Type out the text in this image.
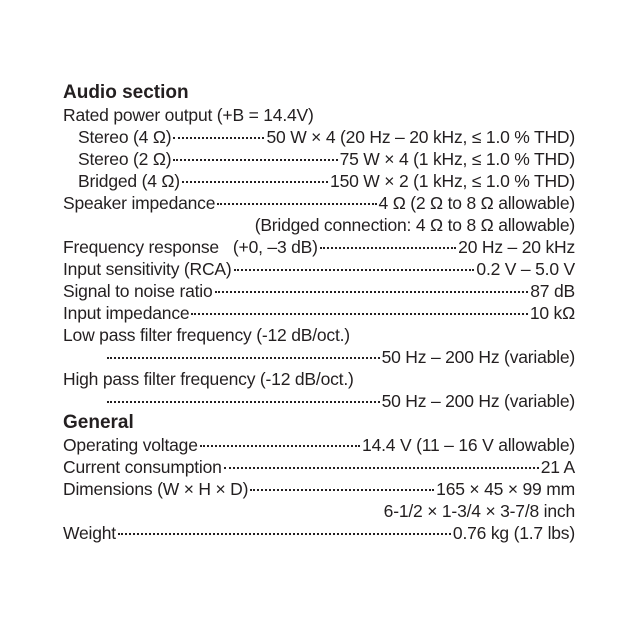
Audio section
Rated power output (+B = 14.4V)
Stereo (4 Ω)	50 W × 4 (20 Hz – 20 kHz, ≤ 1.0 % THD)
Stereo (2 Ω)	75 W × 4 (1 kHz, ≤ 1.0 % THD)
Bridged (4 Ω)	150 W × 2 (1 kHz, ≤ 1.0 % THD)
Speaker impedance	4 Ω (2 Ω to 8 Ω allowable)
(Bridged connection: 4 Ω to 8 Ω allowable)
Frequency response   (+0, –3 dB)	20 Hz – 20 kHz
Input sensitivity (RCA)	0.2 V – 5.0 V
Signal to noise ratio	87 dB
Input impedance	10 kΩ
Low pass filter frequency (-12 dB/oct.)
50 Hz – 200 Hz (variable)
High pass filter frequency (-12 dB/oct.)
50 Hz – 200 Hz (variable)
General
Operating voltage	14.4 V (11 – 16 V allowable)
Current consumption	21 A
Dimensions (W × H × D)	165 × 45 × 99 mm
6-1/2 × 1-3/4 × 3-7/8 inch
Weight	0.76 kg (1.7 lbs)
